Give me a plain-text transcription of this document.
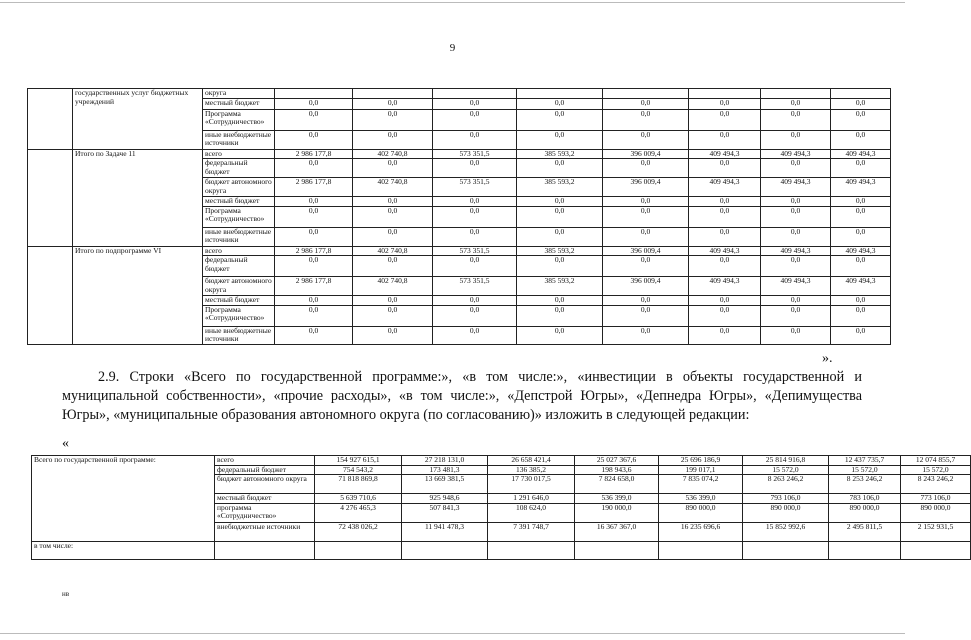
9
	государственных услуг бюджетных учреждений	округа								
		местный бюджет	0,0	0,0	0,0	0,0	0,0	0,0	0,0	0,0
		Программа «Сотрудничество»	0,0	0,0	0,0	0,0	0,0	0,0	0,0	0,0
		иные внебюджетные источники	0,0	0,0	0,0	0,0	0,0	0,0	0,0	0,0
	Итого по Задаче 11	всего	2 986 177,8	402 740,8	573 351,5	385 593,2	396 009,4	409 494,3	409 494,3	409 494,3
		федеральный бюджет	0,0	0,0	0,0	0,0	0,0	0,0	0,0	0,0
		бюджет автономного округа	2 986 177,8	402 740,8	573 351,5	385 593,2	396 009,4	409 494,3	409 494,3	409 494,3
		местный бюджет	0,0	0,0	0,0	0,0	0,0	0,0	0,0	0,0
		Программа «Сотрудничество»	0,0	0,0	0,0	0,0	0,0	0,0	0,0	0,0
		иные внебюджетные источники	0,0	0,0	0,0	0,0	0,0	0,0	0,0	0,0
	Итого по подпрограмме VI	всего	2 986 177,8	402 740,8	573 351,5	385 593,2	396 009,4	409 494,3	409 494,3	409 494,3
		федеральный бюджет	0,0	0,0	0,0	0,0	0,0	0,0	0,0	0,0
		бюджет автономного округа	2 986 177,8	402 740,8	573 351,5	385 593,2	396 009,4	409 494,3	409 494,3	409 494,3
		местный бюджет	0,0	0,0	0,0	0,0	0,0	0,0	0,0	0,0
		Программа «Сотрудничество»	0,0	0,0	0,0	0,0	0,0	0,0	0,0	0,0
		иные внебюджетные источники	0,0	0,0	0,0	0,0	0,0	0,0	0,0	0,0
».
2.9. Строки «Всего по государственной программе:», «в том числе:», «инвестиции в объекты государственной и муниципальной собственности», «прочие расходы», «в том числе:», «Депстрой Югры», «Депнедра Югры», «Депимущества Югры», «муниципальные образования автономного округа (по согласованию)» изложить в следующей редакции:
«
Всего по государственной программе:	всего	154 927 615,1	27 218 131,0	26 658 421,4	25 027 367,6	25 696 186,9	25 814 916,8	12 437 735,7	12 074 855,7
	федеральный бюджет	754 543,2	173 481,3	136 385,2	198 943,6	199 017,1	15 572,0	15 572,0	15 572,0
	бюджет автономного округа	71 818 869,8	13 669 381,5	17 730 017,5	7 824 658,0	7 835 074,2	8 263 246,2	8 253 246,2	8 243 246,2
	местный бюджет	5 639 710,6	925 948,6	1 291 646,0	536 399,0	536 399,0	793 106,0	783 106,0	773 106,0
	программа «Сотрудничество»	4 276 465,3	507 841,3	108 624,0	190 000,0	890 000,0	890 000,0	890 000,0	890 000,0
	внебюджетные источники	72 438 026,2	11 941 478,3	7 391 748,7	16 367 367,0	16 235 696,6	15 852 992,6	2 495 811,5	2 152 931,5
в том числе:									
нв
